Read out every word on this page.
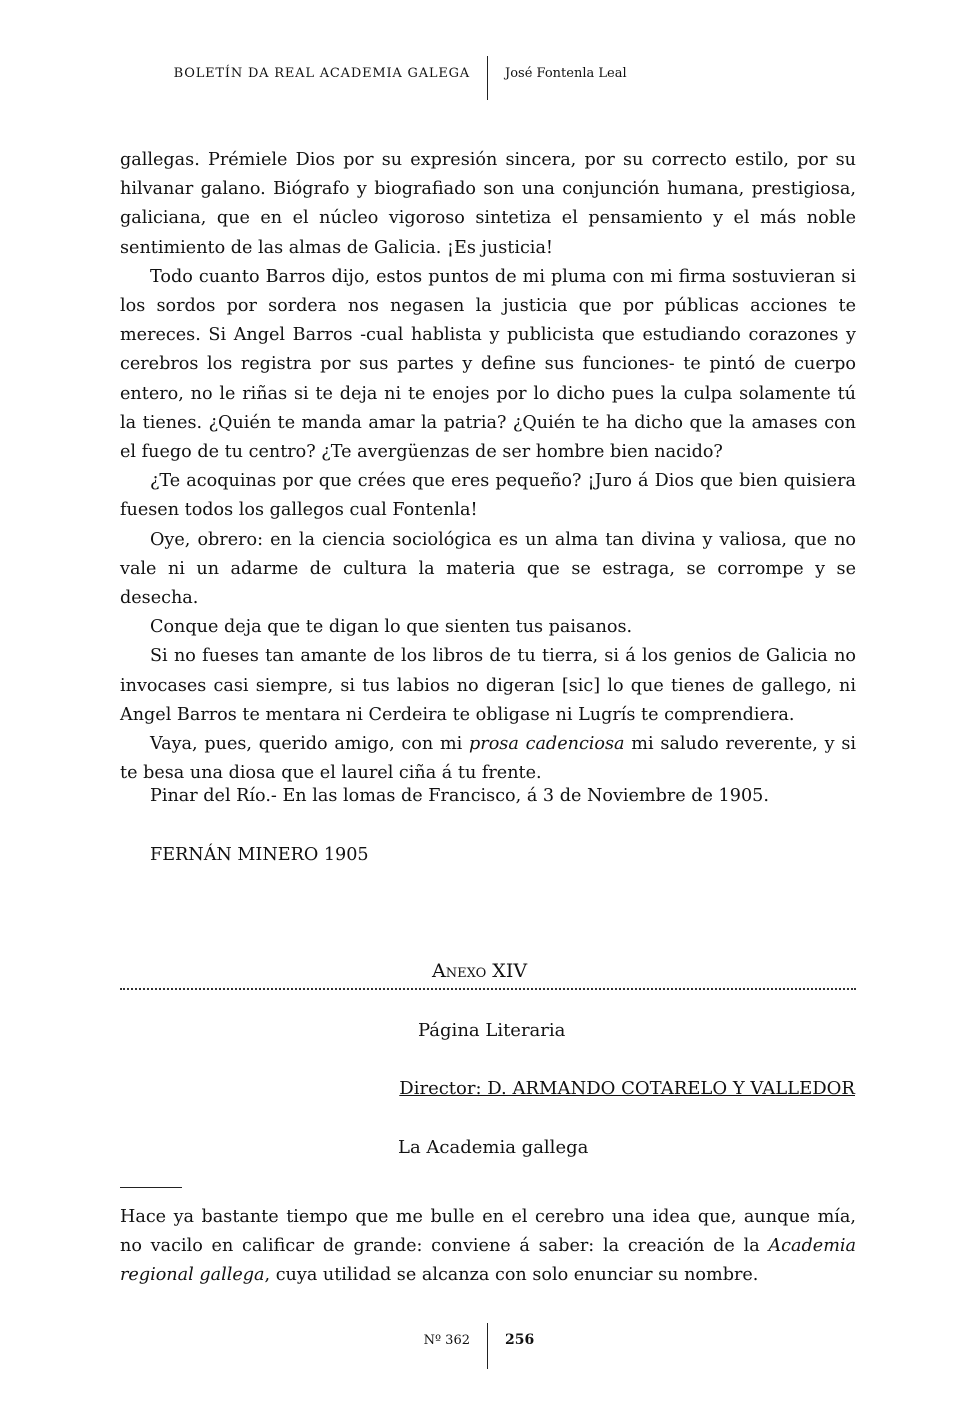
BOLETÍN DA REAL ACADEMIA GALEGA	José Fontenla Leal

gallegas. Prémiele Dios por su expresión sincera, por su correcto estilo, por su hilvanar galano. Biógrafo y biografiado son una conjunción humana, prestigiosa, galiciana, que en el núcleo vigoroso sintetiza el pensamiento y el más noble sentimiento de las almas de Galicia. ¡Es justicia!

Todo cuanto Barros dijo, estos puntos de mi pluma con mi firma sostuvieran si los sordos por sordera nos negasen la justicia que por públicas acciones te mereces. Si Angel Barros -cual hablista y publicista que estudiando corazones y cerebros los registra por sus partes y define sus funciones- te pintó de cuerpo entero, no le riñas si te deja ni te enojes por lo dicho pues la culpa solamente tú la tienes. ¿Quién te manda amar la patria? ¿Quién te ha dicho que la amases con el fuego de tu centro? ¿Te avergüenzas de ser hombre bien nacido?

¿Te acoquinas por que crées que eres pequeño? ¡Juro á Dios que bien quisiera fuesen todos los gallegos cual Fontenla!

Oye, obrero: en la ciencia sociológica es un alma tan divina y valiosa, que no vale ni un adarme de cultura la materia que se estraga, se corrompe y se desecha.

Conque deja que te digan lo que sienten tus paisanos.

Si no fueses tan amante de los libros de tu tierra, si á los genios de Galicia no invocases casi siempre, si tus labios no digeran [sic] lo que tienes de gallego, ni Angel Barros te mentara ni Cerdeira te obligase ni Lugrís te comprendiera.

Vaya, pues, querido amigo, con mi prosa cadenciosa mi saludo reverente, y si te besa una diosa que el laurel ciña á tu frente.

Pinar del Río.- En las lomas de Francisco, á 3 de Noviembre de 1905.
FERNÁN MINERO 1905
Anexo XIV
Página Literaria
Director: D. ARMANDO COTARELO Y VALLEDOR
La Academia gallega

Hace ya bastante tiempo que me bulle en el cerebro una idea que, aunque mía, no vacilo en calificar de grande: conviene á saber: la creación de la Academia regional gallega, cuya utilidad se alcanza con solo enunciar su nombre.

Nº 362	256
